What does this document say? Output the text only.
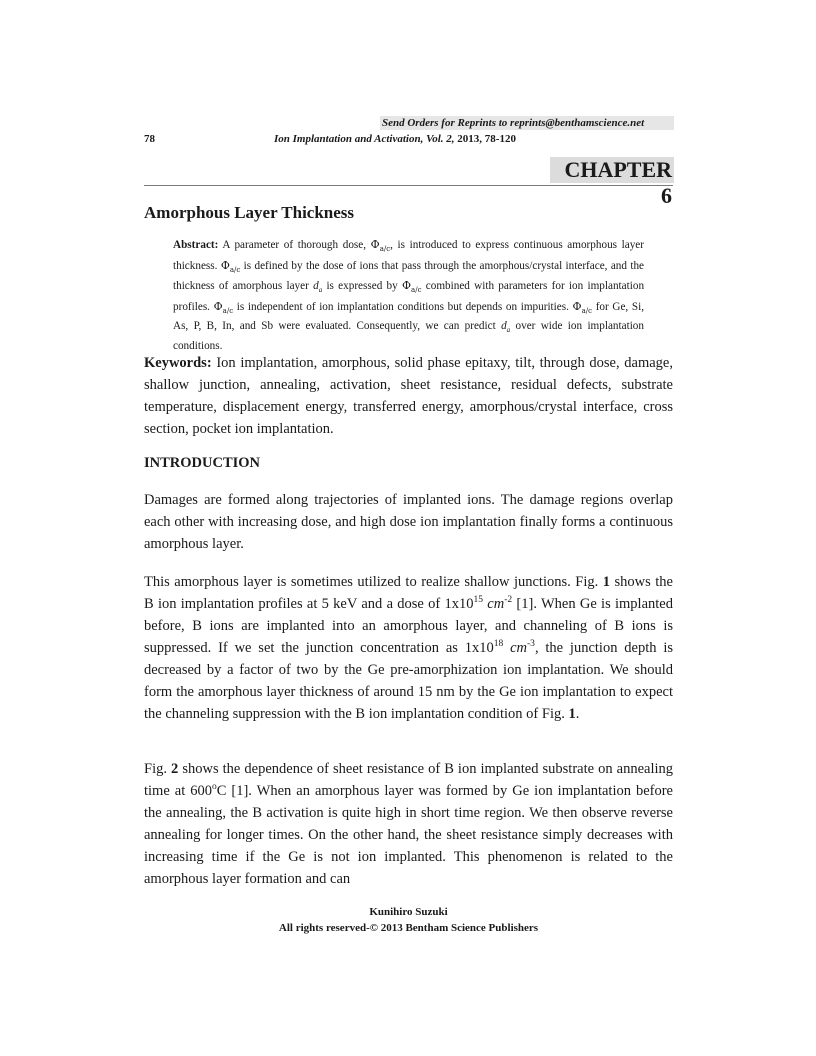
Send Orders for Reprints to reprints@benthamscience.net
78	Ion Implantation and Activation, Vol. 2, 2013, 78-120
CHAPTER 6
Amorphous Layer Thickness
Abstract: A parameter of thorough dose, $\Phi_{a/c}$, is introduced to express continuous amorphous layer thickness. $\Phi_{a/c}$ is defined by the dose of ions that pass through the amorphous/crystal interface, and the thickness of amorphous layer $d_a$ is expressed by $\Phi_{a/c}$ combined with parameters for ion implantation profiles. $\Phi_{a/c}$ is independent of ion implantation conditions but depends on impurities. $\Phi_{a/c}$ for Ge, Si, As, P, B, In, and Sb were evaluated. Consequently, we can predict $d_a$ over wide ion implantation conditions.
Keywords: Ion implantation, amorphous, solid phase epitaxy, tilt, through dose, damage, shallow junction, annealing, activation, sheet resistance, residual defects, substrate temperature, displacement energy, transferred energy, amorphous/crystal interface, cross section, pocket ion implantation.
INTRODUCTION
Damages are formed along trajectories of implanted ions. The damage regions overlap each other with increasing dose, and high dose ion implantation finally forms a continuous amorphous layer.
This amorphous layer is sometimes utilized to realize shallow junctions. Fig. 1 shows the B ion implantation profiles at 5 keV and a dose of $1x10^{15}$ $cm^{-2}$ [1]. When Ge is implanted before, B ions are implanted into an amorphous layer, and channeling of B ions is suppressed. If we set the junction concentration as $1x10^{18}$ $cm^{-3}$, the junction depth is decreased by a factor of two by the Ge pre-amorphization ion implantation. We should form the amorphous layer thickness of around 15 nm by the Ge ion implantation to expect the channeling suppression with the B ion implantation condition of Fig. 1.
Fig. 2 shows the dependence of sheet resistance of B ion implanted substrate on annealing time at 600$^o$C [1]. When an amorphous layer was formed by Ge ion implantation before the annealing, the B activation is quite high in short time region. We then observe reverse annealing for longer times. On the other hand, the sheet resistance simply decreases with increasing time if the Ge is not ion implanted. This phenomenon is related to the amorphous layer formation and can
Kunihiro Suzuki
All rights reserved-© 2013 Bentham Science Publishers
